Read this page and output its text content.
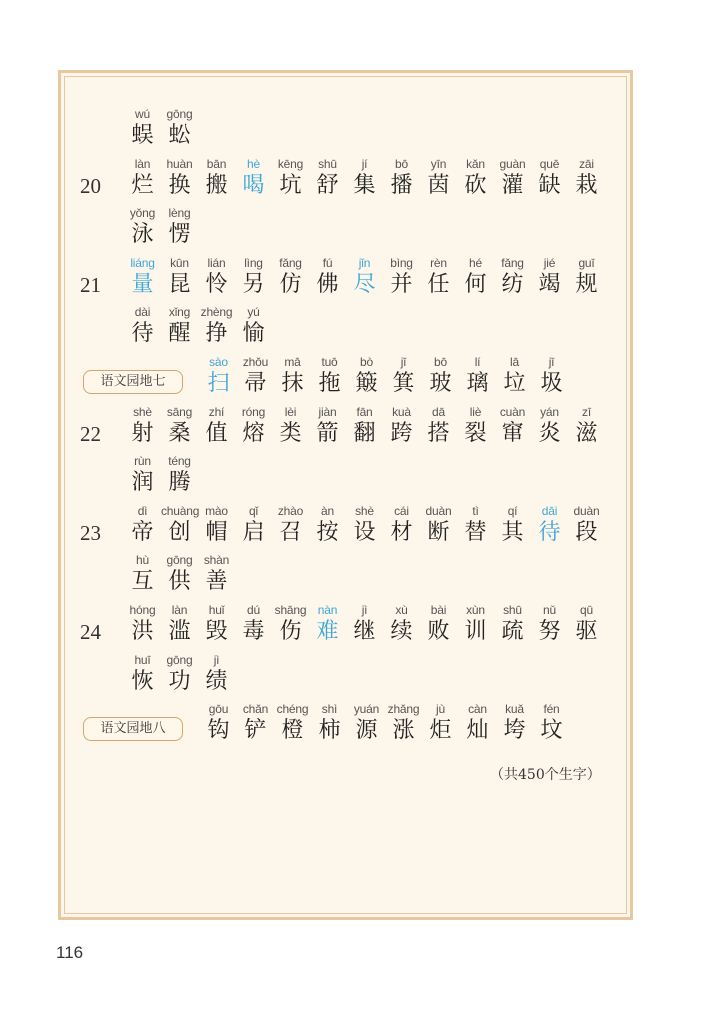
wú
蜈
gōng
蚣
20
làn
烂
huàn
换
bān
搬
hè
喝
kēng
坑
shū
舒
jí
集
bō
播
yīn
茵
kǎn
砍
guàn
灌
quē
缺
zāi
栽
yǒng
泳
lèng
愣
21
liáng
量
kūn
昆
lián
怜
lìng
另
fǎng
仿
fú
佛
jǐn
尽
bìng
并
rèn
任
hé
何
fǎng
纺
jié
竭
guī
规
dài
待
xǐng
醒
zhèng
挣
yú
愉
语文园地七
sào
扫
zhǒu
帚
mā
抹
tuō
拖
bò
簸
jī
箕
bō
玻
lí
璃
lā
垃
jī
圾
22
shè
射
sāng
桑
zhí
值
róng
熔
lèi
类
jiàn
箭
fān
翻
kuà
跨
dā
搭
liè
裂
cuàn
窜
yán
炎
zī
滋
rùn
润
téng
腾
23
dì
帝
chuàng
创
mào
帽
qǐ
启
zhào
召
àn
按
shè
设
cái
材
duàn
断
tì
替
qí
其
dāi
待
duàn
段
hù
互
gōng
供
shàn
善
24
hóng
洪
làn
滥
huǐ
毁
dú
毒
shāng
伤
nàn
难
jì
继
xù
续
bài
败
xùn
训
shū
疏
nǔ
努
qū
驱
huī
恢
gōng
功
jì
绩
语文园地八
gōu
钩
chǎn
铲
chéng
橙
shì
柿
yuán
源
zhǎng
涨
jù
炬
càn
灿
kuǎ
垮
fén
坟
（共450个生字）
116
